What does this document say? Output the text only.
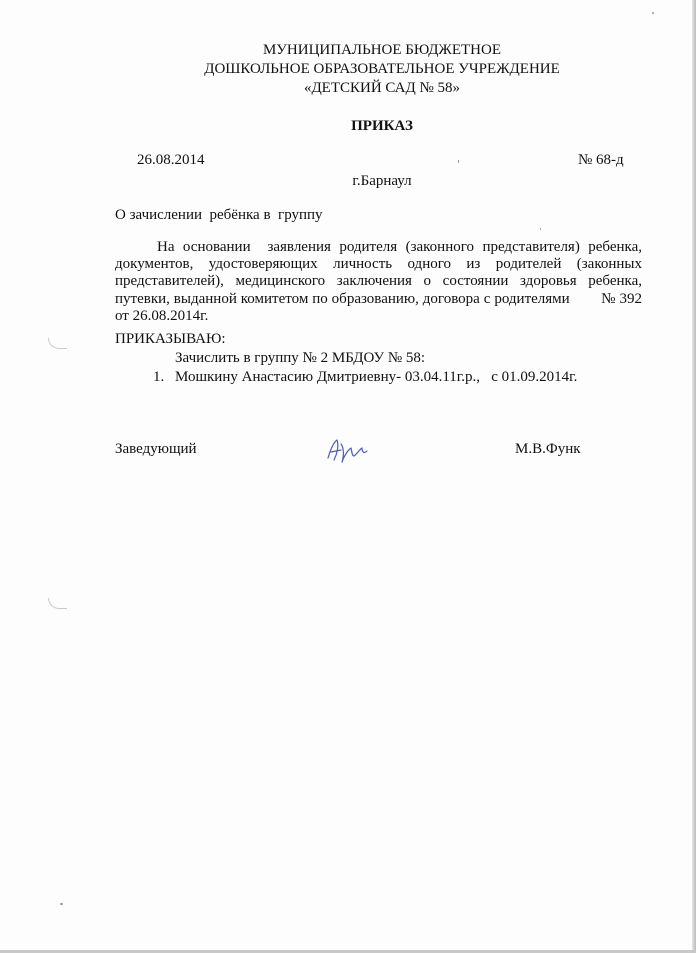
МУНИЦИПАЛЬНОЕ БЮДЖЕТНОЕ

ДОШКОЛЬНОЕ ОБРАЗОВАТЕЛЬНОЕ УЧРЕЖДЕНИЕ

«ДЕТСКИЙ САД № 58»

ПРИКАЗ

26.08.2014	№ 68-д

г.Барнаул

О зачислении  ребёнка в  группу

На основании  заявления родителя (законного представителя) ребенка, документов, удостоверяющих личность одного из родителей (законных представителей), медицинского заключения о состоянии здоровья ребенка, путевки, выданной комитетом по образованию, договора с родителями        № 392 от 26.08.2014г.

ПРИКАЗЫВАЮ:

Зачислить в группу № 2 МБДОУ № 58:

1. Мошкину Анастасию Дмитриевну- 03.04.11г.р.,   с 01.09.2014г.

Заведующий	М.В.Функ
